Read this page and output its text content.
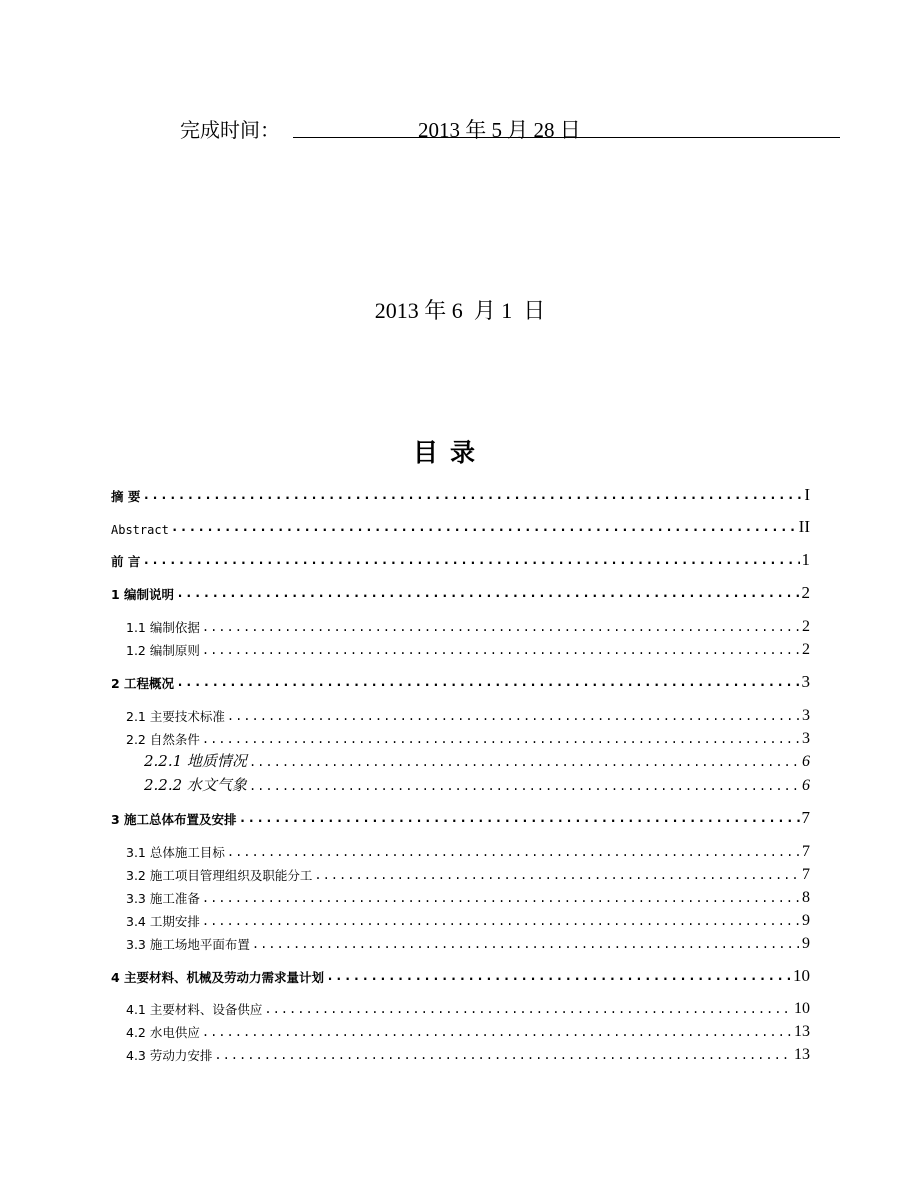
完成时间：	2013 年 5 月 28 日
2013 年 6  月 1  日
目录
摘 要 .....	I
Abstract .....	II
前 言 .....	1
1 编制说明 .....	2
1.1 编制依据 .....	2
1.2 编制原则 .....	2
2 工程概况 .....	3
2.1 主要技术标准 .....	3
2.2 自然条件 .....	3
2.2.1 地质情况 .....	6
2.2.2 水文气象 .....	6
3 施工总体布置及安排 .....	7
3.1 总体施工目标 .....	7
3.2 施工项目管理组织及职能分工 .....	7
3.3 施工准备 .....	8
3.4 工期安排 .....	9
3.3 施工场地平面布置 .....	9
4 主要材料、机械及劳动力需求量计划 .....	10
4.1 主要材料、设备供应 .....	10
4.2 水电供应 .....	13
4.3 劳动力安排 .....	13
